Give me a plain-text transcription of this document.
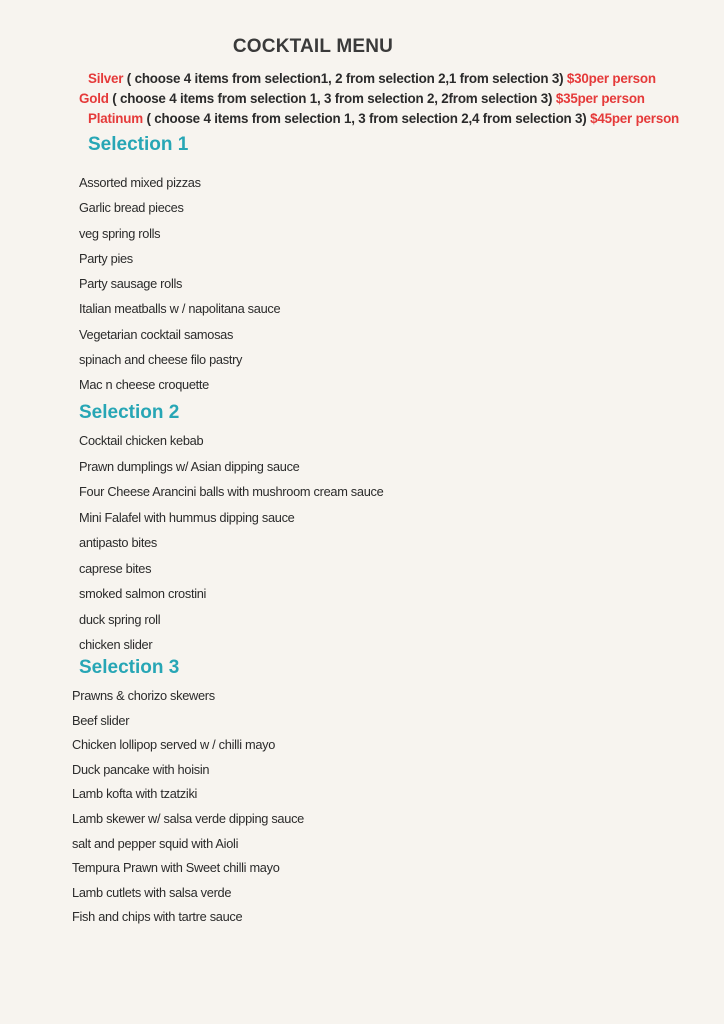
COCKTAIL MENU
Silver ( choose 4 items from selection1, 2 from selection 2,1 from selection 3) $30per person
Gold ( choose 4 items from selection 1, 3 from selection 2, 2from selection 3) $35per person
Platinum ( choose 4 items from selection 1, 3 from selection 2,4 from selection 3) $45per person
Selection 1
Assorted mixed pizzas
Garlic bread pieces
veg spring rolls
Party pies
Party sausage rolls
Italian meatballs w / napolitana sauce
Vegetarian cocktail samosas
spinach and cheese filo pastry
Mac n cheese croquette
Selection 2
Cocktail chicken kebab
Prawn dumplings w/ Asian dipping sauce
Four Cheese Arancini balls with mushroom cream sauce
Mini Falafel with hummus dipping sauce
antipasto bites
caprese bites
smoked salmon crostini
duck spring roll
chicken slider
Selection 3
Prawns & chorizo skewers
Beef slider
Chicken lollipop served w / chilli mayo
Duck pancake with hoisin
Lamb kofta with tzatziki
Lamb skewer w/ salsa verde dipping sauce
salt and pepper squid with Aioli
Tempura Prawn with Sweet chilli mayo
Lamb cutlets with salsa verde
Fish and chips with tartre sauce
